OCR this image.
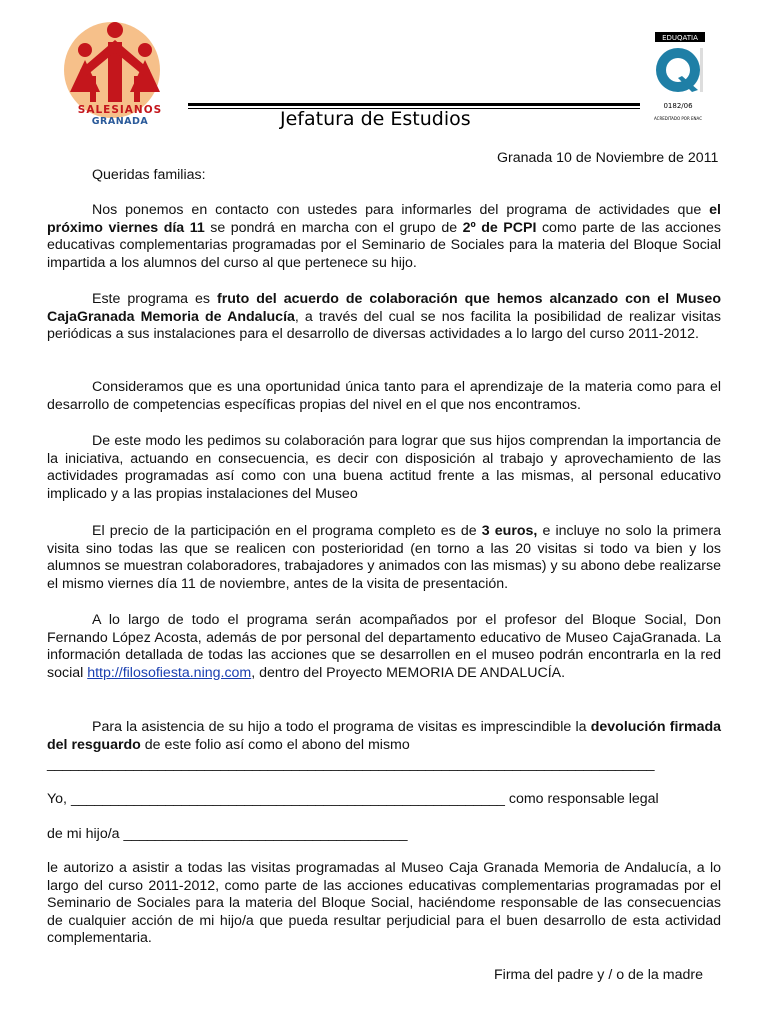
SALESIANOS
GRANADA	Jefatura de Estudios
EDUQATIA
0182/06
ACREDITADO POR ENAC
Granada 10 de Noviembre de 2011
Queridas familias:

Nos ponemos en contacto con ustedes para informarles del programa de actividades que el próximo viernes día 11 se pondrá en marcha con el grupo de 2º de PCPI como parte de las acciones educativas complementarias programadas por el Seminario de Sociales para la materia del Bloque Social impartida a los alumnos del curso al que pertenece su hijo.

Este programa es fruto del acuerdo de colaboración que hemos alcanzado con el Museo CajaGranada Memoria de Andalucía, a través del cual se nos facilita la posibilidad de realizar visitas periódicas a sus instalaciones para el desarrollo de diversas actividades a lo largo del curso 2011-2012.

Consideramos que es una oportunidad única tanto para el aprendizaje de la materia como para el desarrollo de competencias específicas propias del nivel en el que nos encontramos.

De este modo les pedimos su colaboración para lograr que sus hijos comprendan la importancia de la iniciativa, actuando en consecuencia, es decir con disposición al trabajo y aprovechamiento de las actividades programadas así como con una buena actitud frente a las mismas, al personal educativo implicado y a las propias instalaciones del Museo

El precio de la participación en el programa completo es de 3 euros, e incluye no solo la primera visita sino todas las que se realicen con posterioridad (en torno a las 20 visitas si todo va bien y los alumnos se muestran colaboradores, trabajadores y animados con las mismas) y su abono debe realizarse el mismo viernes día 11 de noviembre, antes de la visita de presentación.

A lo largo de todo el programa serán acompañados por el profesor del Bloque Social, Don Fernando López Acosta, además de por personal del departamento educativo de Museo CajaGranada. La información detallada de todas las acciones que se desarrollen en el museo podrán encontrarla en la red social http://filosofiesta.ning.com, dentro del Proyecto MEMORIA DE ANDALUCÍA.

Para la asistencia de su hijo a todo el programa de visitas es imprescindible la devolución firmada del resguardo de este folio así como el abono del mismo

_____________________________________________________________________________
Yo, _______________________________________________________ como responsable legal
de mi hijo/a ____________________________________

le autorizo a asistir a todas las visitas programadas al Museo Caja Granada Memoria de Andalucía, a lo largo del curso 2011-2012, como parte de las acciones educativas complementarias programadas por el Seminario de Sociales para la materia del Bloque Social, haciéndome responsable de las consecuencias de cualquier acción de mi hijo/a que pueda resultar perjudicial para el buen desarrollo de esta actividad complementaria.

Firma del padre y / o de la madre
